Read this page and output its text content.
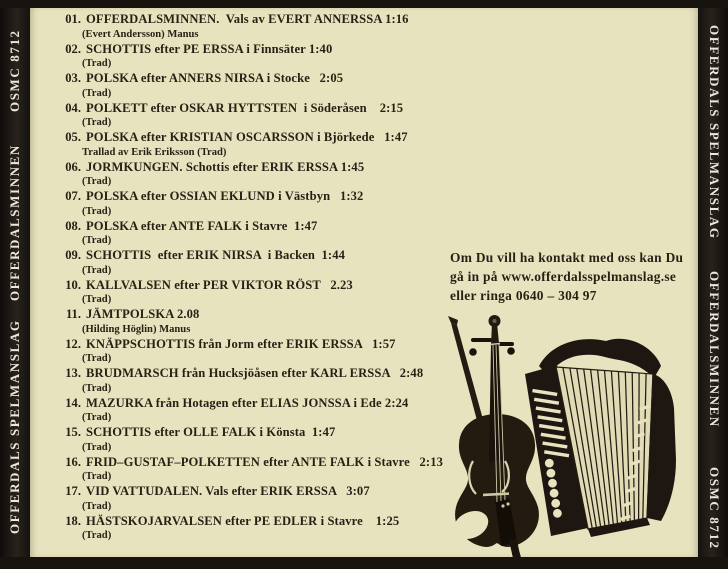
OSMC 8712
OFFERDALSMINNEN
OFFERDALS SPELMANSLAG
OFFERDALS SPELMANSLAG
OFFERDALSMINNEN
OSMC 8712
01. OFFERDALSMINNEN.  Vals av EVERT ANNERSSA 1:16
(Evert Andersson) Manus
02. SCHOTTIS efter PE ERSSA i Finnsäter 1:40
(Trad)
03. POLSKA efter ANNERS NIRSA i Stocke   2:05
(Trad)
04. POLKETT efter OSKAR HYTTSTEN  i Söderåsen    2:15
(Trad)
05. POLSKA efter KRISTIAN OSCARSSON i Björkede   1:47
Trallad av Erik Eriksson (Trad)
06. JORMKUNGEN. Schottis efter ERIK ERSSA 1:45
(Trad)
07. POLSKA efter OSSIAN EKLUND i Västbyn   1:32
(Trad)
08. POLSKA efter ANTE FALK i Stavre  1:47
(Trad)
09. SCHOTTIS  efter ERIK NIRSA  i Backen  1:44
(Trad)
10. KALLVALSEN efter PER VIKTOR RÖST   2.23
(Trad)
11. JÄMTPOLSKA 2.08
(Hilding Höglin) Manus
12. KNÄPPSCHOTTIS från Jorm efter ERIK ERSSA   1:57
(Trad)
13. BRUDMARSCH från Hucksjöåsen efter KARL ERSSA   2:48
(Trad)
14. MAZURKA från Hotagen efter ELIAS JONSSA i Ede 2:24
(Trad)
15. SCHOTTIS efter OLLE FALK i Könsta  1:47
(Trad)
16. FRID–GUSTAF–POLKETTEN efter ANTE FALK i Stavre   2:13
(Trad)
17. VID VATTUDALEN. Vals efter ERIK ERSSA   3:07
(Trad)
18. HÄSTSKOJARVALSEN efter PE EDLER i Stavre    1:25
(Trad)
Om Du vill ha kontakt med oss kan Du
gå in på www.offerdalsspelmanslag.se
eller ringa 0640 – 304 97
